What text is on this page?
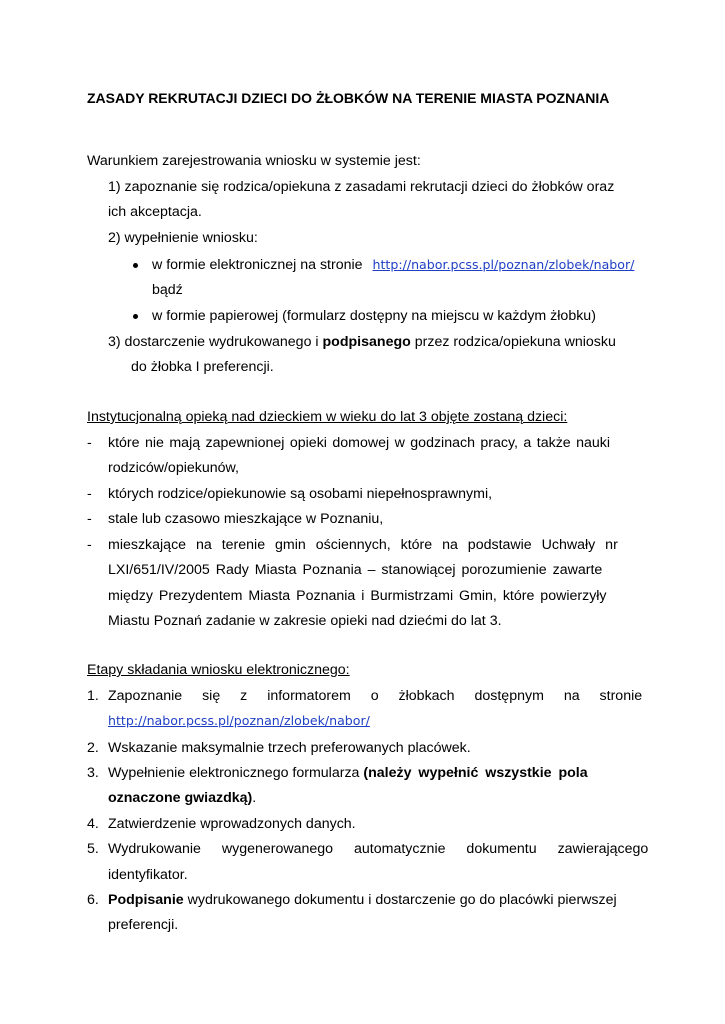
ZASADY REKRUTACJI DZIECI DO ŻŁOBKÓW NA TERENIE MIASTA POZNANIA
Warunkiem zarejestrowania wniosku w systemie jest:
1) zapoznanie się rodzica/opiekuna z zasadami rekrutacji dzieci do żłobków oraz
ich akceptacja.
2) wypełnienie wniosku:
w formie elektronicznej na stronie http://nabor.pcss.pl/poznan/zlobek/nabor/
bądź
w formie papierowej (formularz dostępny na miejscu w każdym żłobku)
3) dostarczenie wydrukowanego i podpisanego przez rodzica/opiekuna wniosku
do żłobka I preferencji.
Instytucjonalną opieką nad dzieckiem w wieku do lat 3 objęte zostaną dzieci:
- które nie mają zapewnionej opieki domowej w godzinach pracy, a także nauki
rodziców/opiekunów,
- których rodzice/opiekunowie są osobami niepełnosprawnymi,
- stale lub czasowo mieszkające w Poznaniu,
- mieszkające na terenie gmin ościennych, które na podstawie Uchwały nr
LXI/651/IV/2005 Rady Miasta Poznania – stanowiącej porozumienie zawarte
między Prezydentem Miasta Poznania i Burmistrzami Gmin, które powierzyły
Miastu Poznań zadanie w zakresie opieki nad dziećmi do lat 3.
Etapy składania wniosku elektronicznego:
1. Zapoznanie się z informatorem o żłobkach dostępnym na stronie
http://nabor.pcss.pl/poznan/zlobek/nabor/
2. Wskazanie maksymalnie trzech preferowanych placówek.
3. Wypełnienie elektronicznego formularza (należy wypełnić wszystkie pola
oznaczone gwiazdką).
4. Zatwierdzenie wprowadzonych danych.
5. Wydrukowanie wygenerowanego automatycznie dokumentu zawierającego
identyfikator.
6. Podpisanie wydrukowanego dokumentu i dostarczenie go do placówki pierwszej
preferencji.
